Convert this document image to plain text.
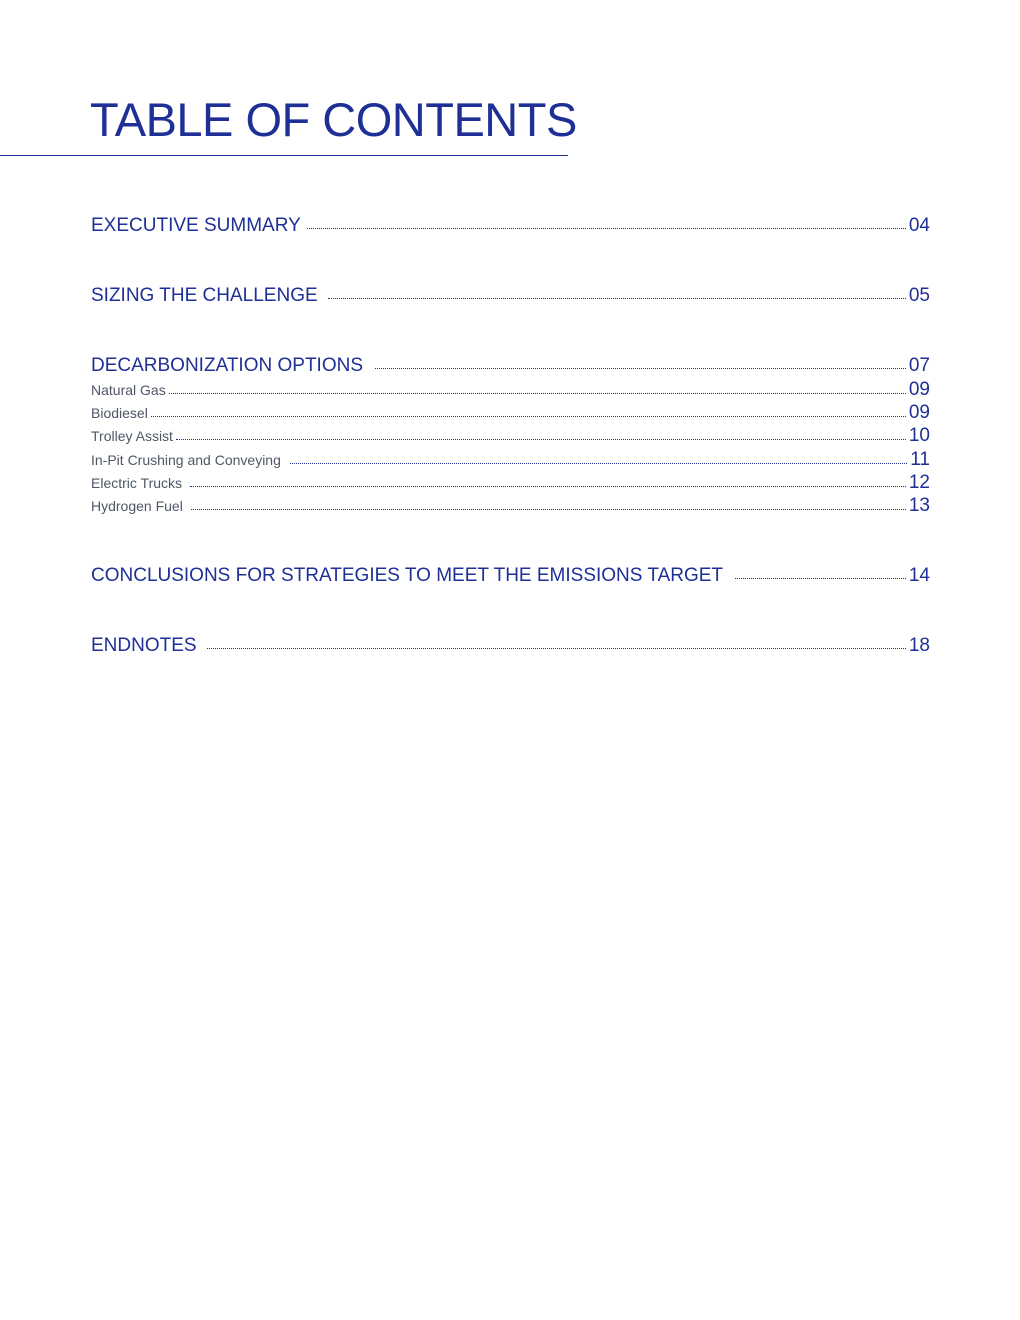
TABLE OF CONTENTS
EXECUTIVE SUMMARY	04
SIZING THE CHALLENGE	05
DECARBONIZATION OPTIONS	07
Natural Gas	09
Biodiesel	09
Trolley Assist	10
In-Pit Crushing and Conveying	11
Electric Trucks	12
Hydrogen Fuel	13
CONCLUSIONS FOR STRATEGIES TO MEET THE EMISSIONS TARGET	14
ENDNOTES	18
